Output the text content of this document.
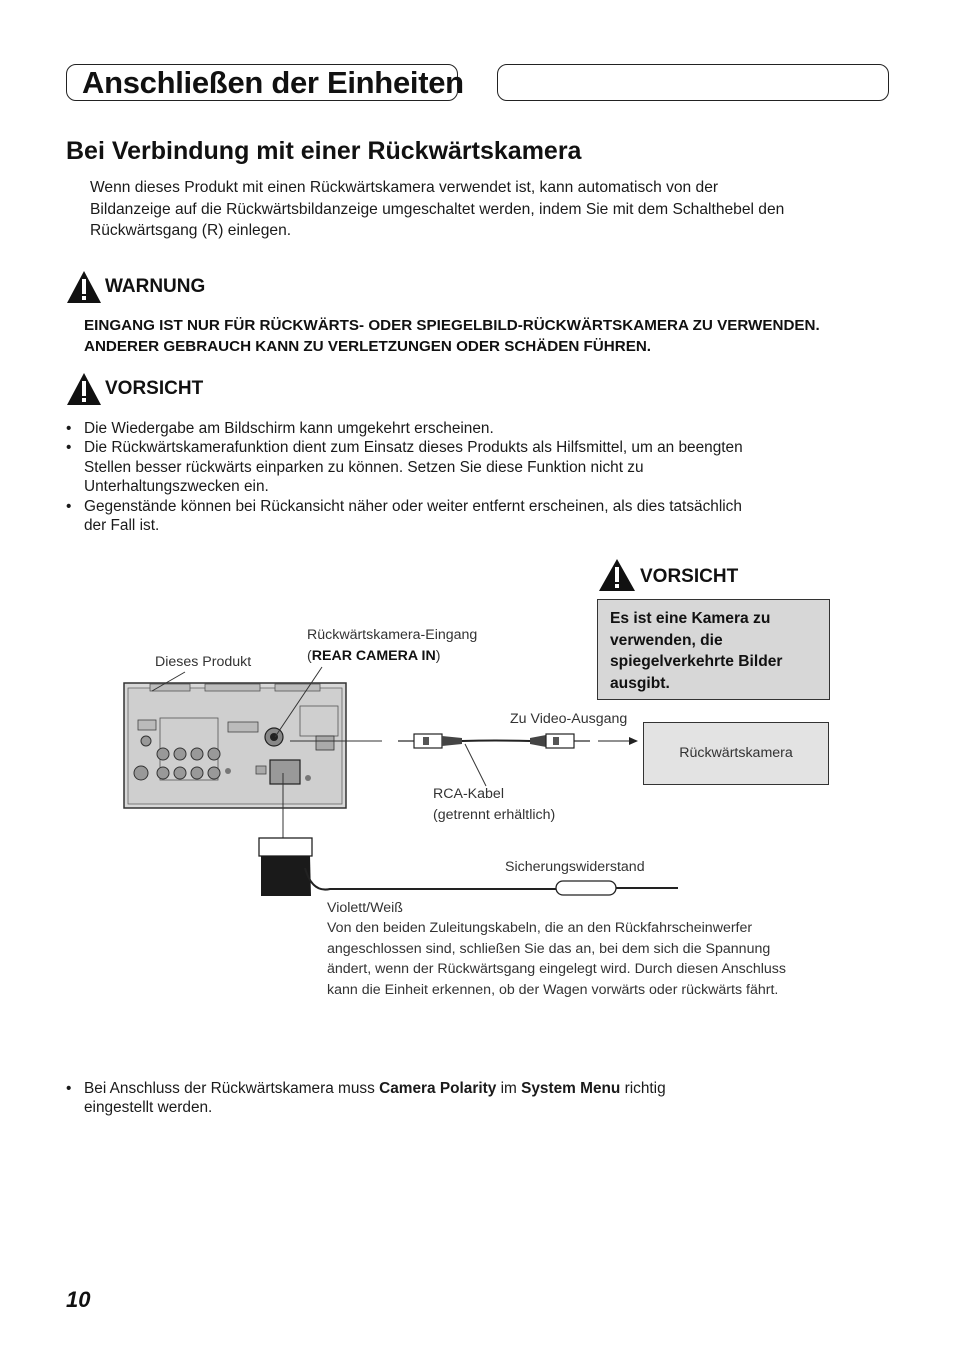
Anschließen der Einheiten
Bei Verbindung mit einer Rückwärtskamera
Wenn dieses Produkt mit einen Rückwärtskamera verwendet ist, kann automatisch von der Bildanzeige auf die Rückwärtsbildanzeige umgeschaltet werden, indem Sie mit dem Schalthebel den Rückwärtsgang (R) einlegen.
WARNUNG
EINGANG IST NUR FÜR RÜCKWÄRTS- ODER SPIEGELBILD-RÜCKWÄRTSKAMERA ZU VERWENDEN. ANDERER GEBRAUCH KANN ZU VERLETZUNGEN ODER SCHÄDEN FÜHREN.
VORSICHT
• Die Wiedergabe am Bildschirm kann umgekehrt erscheinen.
• Die Rückwärtskamerafunktion dient zum Einsatz dieses Produkts als Hilfsmittel, um an beengten Stellen besser rückwärts einparken zu können. Setzen Sie diese Funktion nicht zu Unterhaltungszwecken ein.
• Gegenstände können bei Rückansicht näher oder weiter entfernt erscheinen, als dies tatsächlich der Fall ist.
VORSICHT
Es ist eine Kamera zu verwenden, die spiegelverkehrte Bilder ausgibt.
Dieses Produkt
Rückwärtskamera-Eingang
(REAR CAMERA IN)
Zu Video-Ausgang
Rückwärtskamera
RCA-Kabel
(getrennt erhältlich)
Sicherungswiderstand
Violett/Weiß
Von den beiden Zuleitungskabeln, die an den Rückfahrscheinwerfer angeschlossen sind, schließen Sie das an, bei dem sich die Spannung ändert, wenn der Rückwärtsgang eingelegt wird. Durch diesen Anschluss kann die Einheit erkennen, ob der Wagen vorwärts oder rückwärts fährt.
• Bei Anschluss der Rückwärtskamera muss Camera Polarity im System Menu richtig
eingestellt werden.
10
